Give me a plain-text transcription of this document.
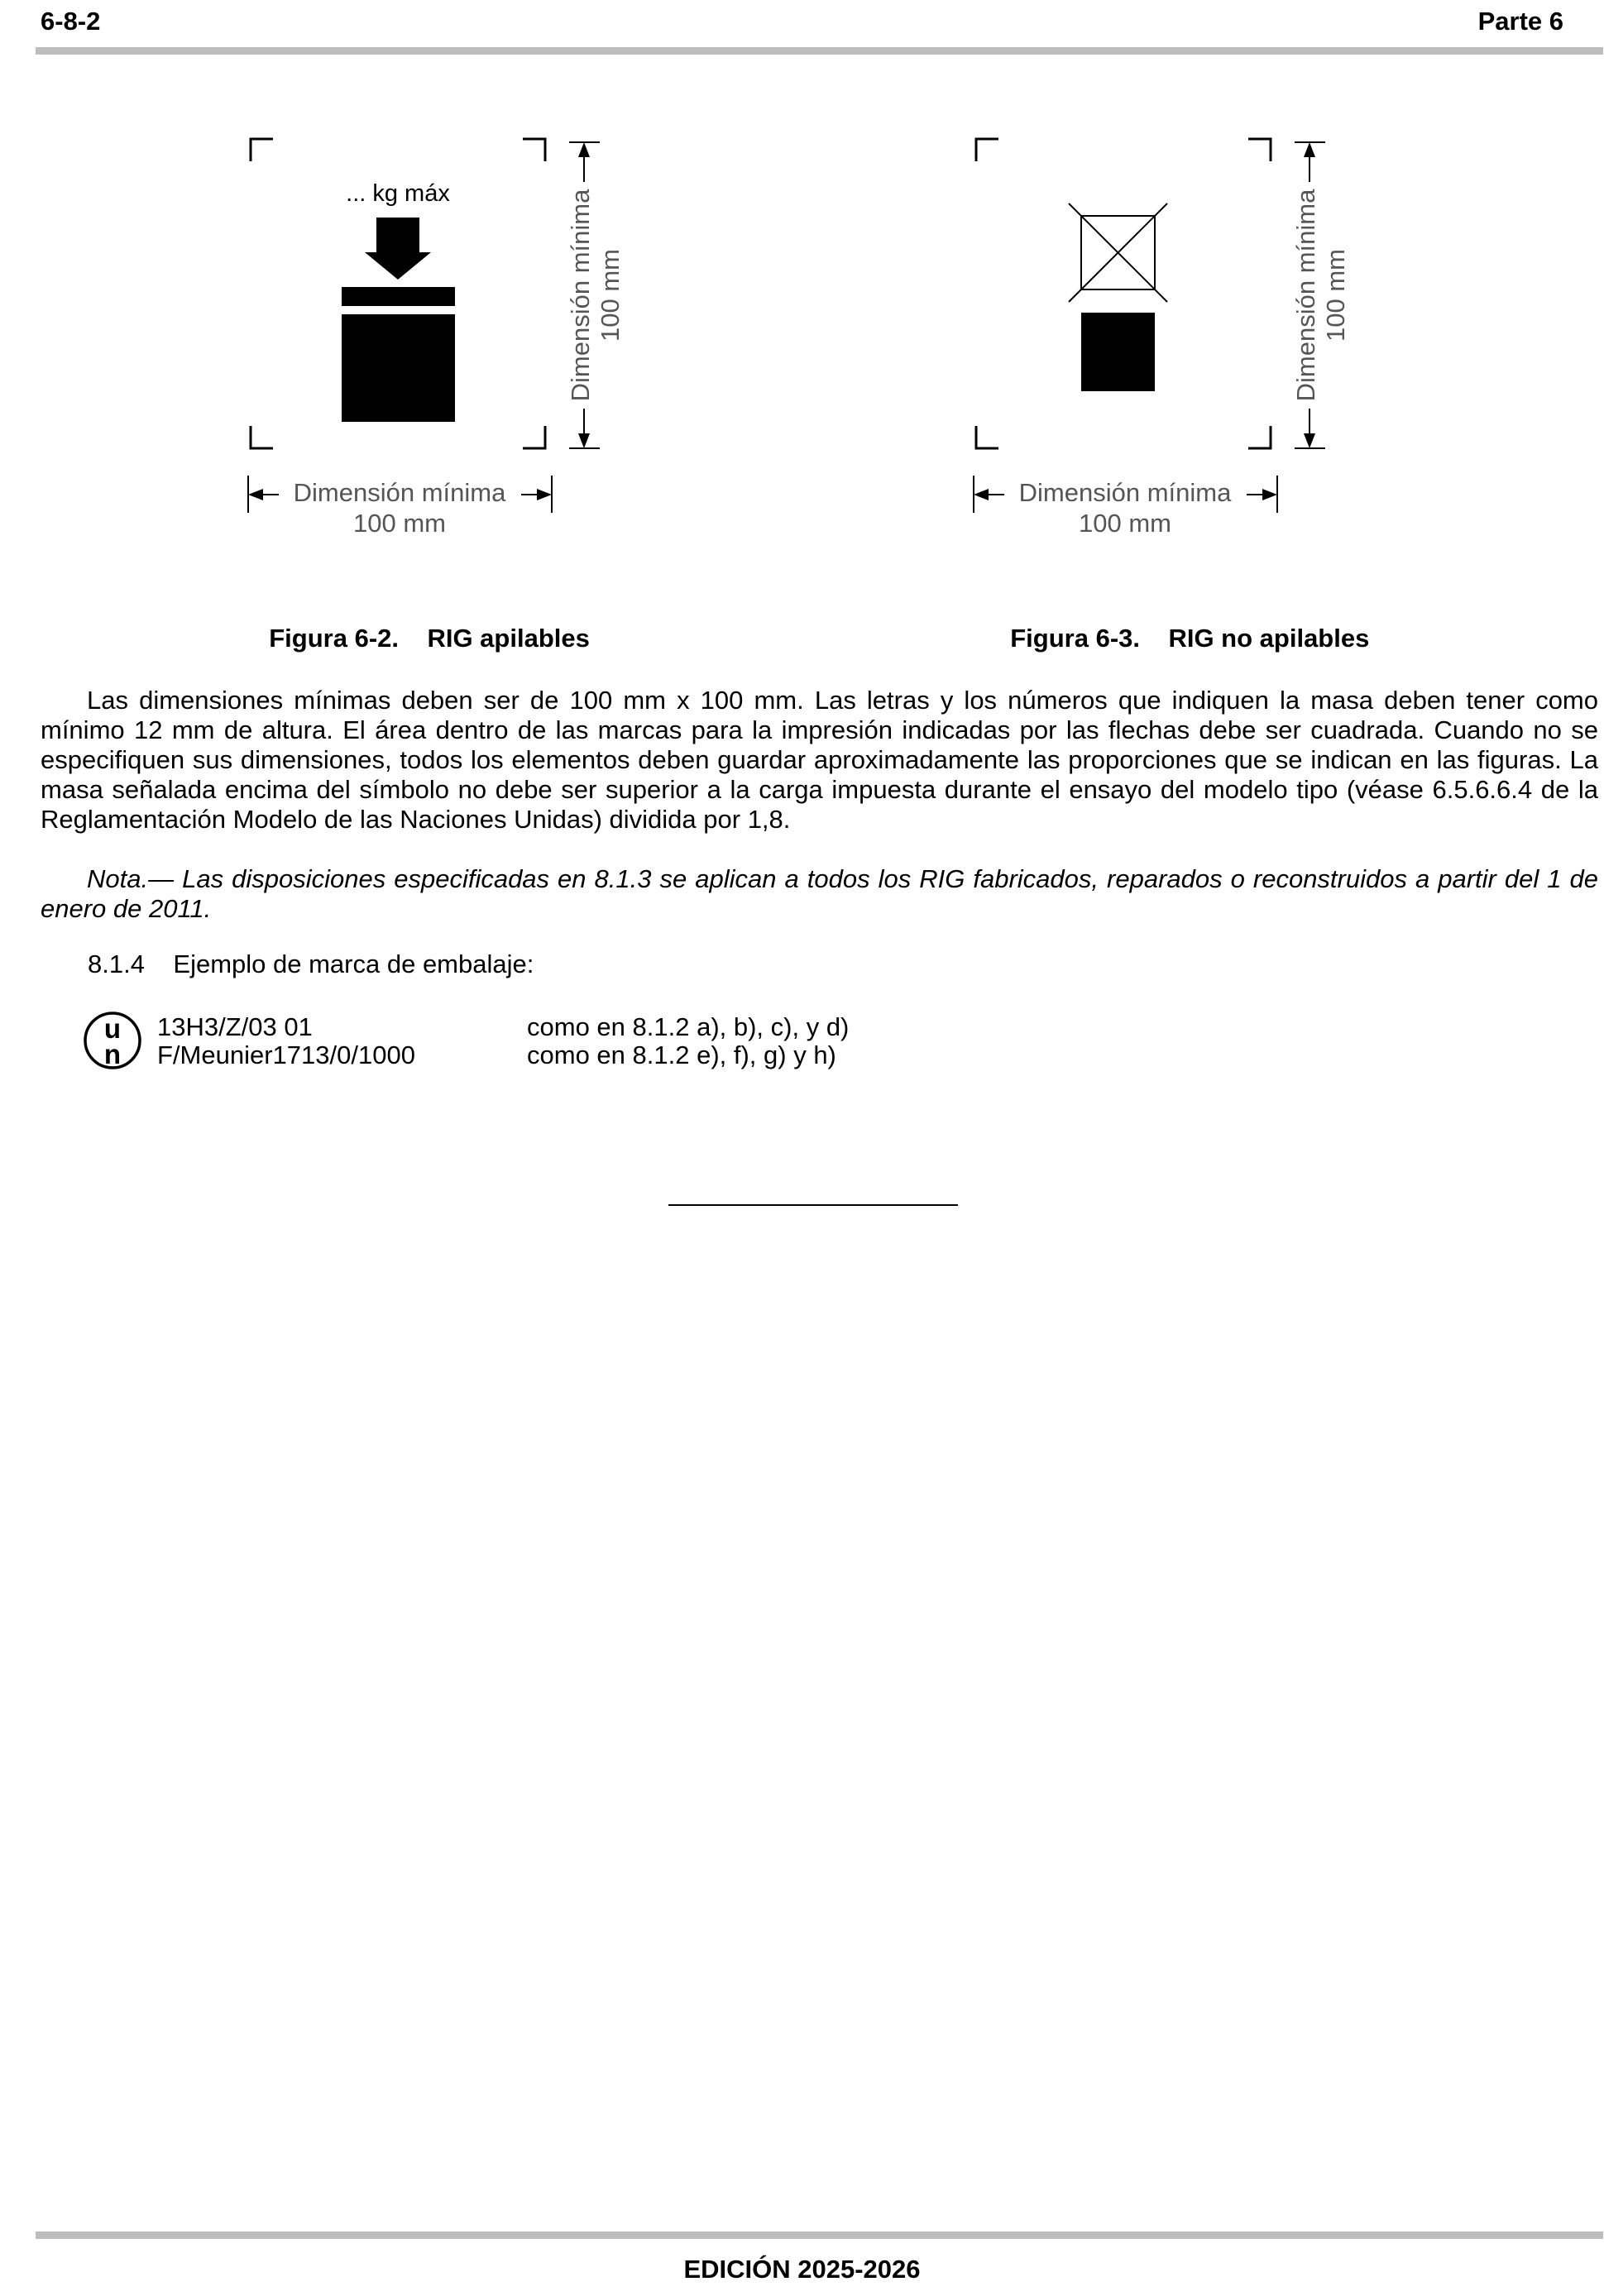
6-8-2	Parte 6
... kg máx	Dimensión mínima 100 mm
Dimensión mínima
100 mm
Dimensión mínima 100 mm
Dimensión mínima
100 mm

Figura 6-2. RIG apilables	Figura 6-3. RIG no apilables

Las dimensiones mínimas deben ser de 100 mm x 100 mm. Las letras y los números que indiquen la masa deben tener como mínimo 12 mm de altura. El área dentro de las marcas para la impresión indicadas por las flechas debe ser cuadrada. Cuando no se especifiquen sus dimensiones, todos los elementos deben guardar aproximadamente las proporciones que se indican en las figuras. La masa señalada encima del símbolo no debe ser superior a la carga impuesta durante el ensayo del modelo tipo (véase 6.5.6.6.4 de la Reglamentación Modelo de las Naciones Unidas) dividida por 1,8.

Nota.— Las disposiciones especificadas en 8.1.3 se aplican a todos los RIG fabricados, reparados o reconstruidos a partir del 1 de enero de 2011.

8.1.4 Ejemplo de marca de embalaje:
u
n
13H3/Z/03 01	como en 8.1.2 a), b), c), y d)
F/Meunier1713/0/1000	como en 8.1.2 e), f), g) y h)
EDICIÓN 2025-2026
